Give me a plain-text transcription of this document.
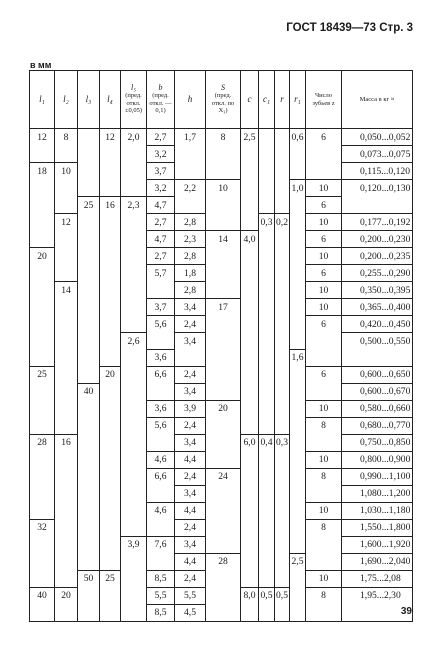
ГОСТ 18439—73 Стр. 3
в мм
l₁	l₂	l₃	l₄	l₅
(пред. откл. ±0,05)	b
(пред. откл. —0,1)	h	S
(пред. откл. по X₃)	c	c₁	r	r₁	Число зубьев z	Масса в кг ≈
12	8		12	2,0	2,7	1,7	8	2,5			0,6	6	0,050...0,052
					3,2								0,073...0,075
18	10				3,7								0,115...0,120
					3,2	2,2	10				1,0	10	0,120...0,130
		25	16	2,3	4,7							6	
	12				2,7	2,8			0,3	0,2		10	0,177...0,192
					4,7	2,3	14	4,0				6	0,200...0,230
20					2,7	2,8						10	0,200...0,235
					5,7	1,8						6	0,255...0,290
	14					2,8						10	0,350...0,395
					3,7	3,4	17					10	0,365...0,400
					5,6	2,4						6	0,420...0,450
				2,6		3,4							0,500...0,550
					3,6						1,6		
25			20		6,6	2,4						6	0,600...0,650
		40				3,4							0,600...0,670
					3,6	3,9	20					10	0,580...0,660
					5,6	2,4						8	0,680...0,770
28	16					3,4		6,0	0,4	0,3			0,750...0,850
					4,6	4,4						10	0,800...0,900
					6,6	2,4	24					8	0,990...1,100
						3,4							1,080...1,200
					4,6	4,4						10	1,030...1,180
32						2,4						8	1,550...1,800
				3,9	7,6	3,4							1,600...1,920
						4,4	28				2,5		1,690...2,040
		50	25		8,5	2,4						10	1,75...2,08
40	20				5,5	5,5		8,0	0,5	0,5		8	1,95...2,30
					8,5	4,5								39
